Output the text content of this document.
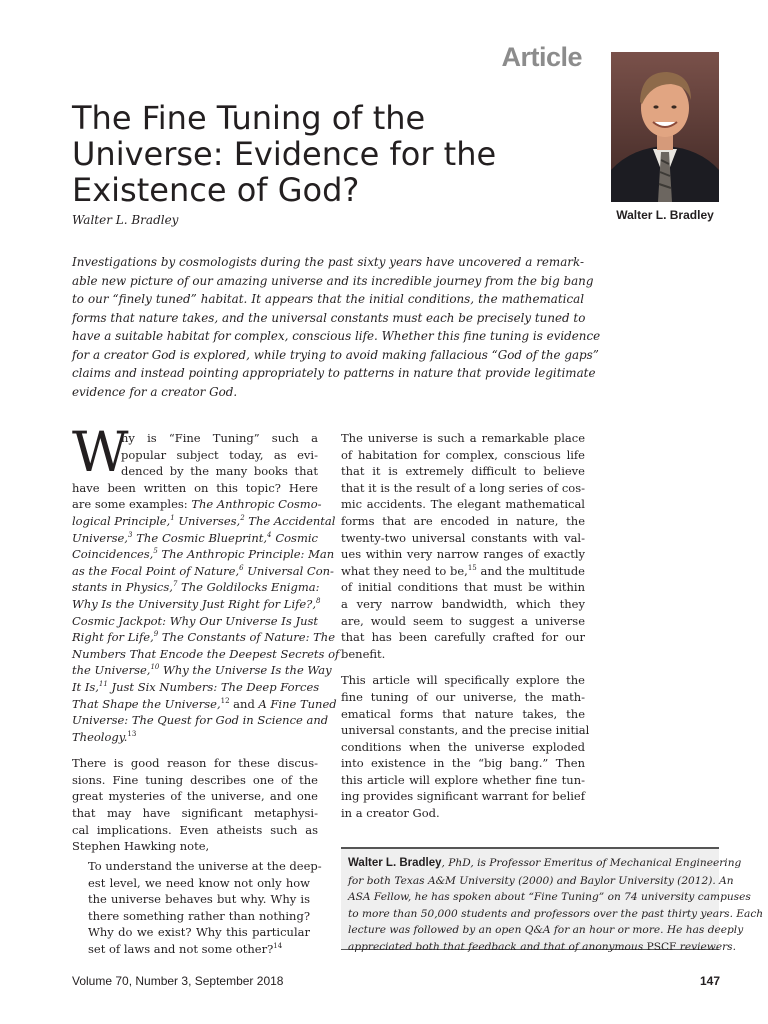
Article
The Fine Tuning of the
Universe: Evidence for the
Existence of God?
Walter L. Bradley	Walter L. Bradley
Investigations by cosmologists during the past sixty years have uncovered a remark-
able new picture of our amazing universe and its incredible journey from the big bang
to our “finely tuned” habitat. It appears that the initial conditions, the mathematical
forms that nature takes, and the universal constants must each be precisely tuned to
have a suitable habitat for complex, conscious life. Whether this fine tuning is evidence
for a creator God is explored, while trying to avoid making fallacious “God of the gaps”
claims and instead pointing appropriately to patterns in nature that provide legitimate
evidence for a creator God.
W

hy is “Fine Tuning” such a
popular subject today, as evi-
denced by the many books that
have been written on this topic? Here
are some examples: The Anthropic Cosmo-
logical Principle,$^1$ Universes,$^2$ The Accidental
Universe,$^3$ The Cosmic Blueprint,$^4$ Cosmic
Coincidences,$^5$ The Anthropic Principle: Man
as the Focal Point of Nature,$^6$ Universal Con-
stants in Physics,$^7$ The Goldilocks Enigma:
Why Is the University Just Right for Life?,$^8$
Cosmic Jackpot: Why Our Universe Is Just
Right for Life,$^9$ The Constants of Nature: The
Numbers That Encode the Deepest Secrets of
the Universe,$^{10}$ Why the Universe Is the Way
It Is,$^{11}$ Just Six Numbers: The Deep Forces
That Shape the Universe,$^{12}$ and A Fine Tuned
Universe: The Quest for God in Science and
Theology.$^{13}$

There is good reason for these discus-
sions. Fine tuning describes one of the
great mysteries of the universe, and one
that may have significant metaphysi-
cal implications. Even atheists such as
Stephen Hawking note,

To understand the universe at the deep-
est level, we need know not only how
the universe behaves but why. Why is
there something rather than nothing?
Why do we exist? Why this particular
set of laws and not some other?$^{14}$

The universe is such a remarkable place
of habitation for complex, conscious life
that it is extremely difficult to believe
that it is the result of a long series of cos-
mic accidents. The elegant mathematical
forms that are encoded in nature, the
twenty-two universal constants with val-
ues within very narrow ranges of exactly
what they need to be,$^{15}$ and the multitude
of initial conditions that must be within
a very narrow bandwidth, which they
are, would seem to suggest a universe
that has been carefully crafted for our
benefit.

This article will specifically explore the
fine tuning of our universe, the math-
ematical forms that nature takes, the
universal constants, and the precise initial
conditions when the universe exploded
into existence in the “big bang.” Then
this article will explore whether fine tun-
ing provides significant warrant for belief
in a creator God.

Walter L. Bradley, PhD, is Professor Emeritus of Mechanical Engineering
for both Texas A&M University (2000) and Baylor University (2012). An
ASA Fellow, he has spoken about “Fine Tuning” on 74 university campuses
to more than 50,000 students and professors over the past thirty years. Each
lecture was followed by an open Q&A for an hour or more. He has deeply
appreciated both that feedback and that of anonymous PSCF reviewers.
Volume 70, Number 3, September 2018	147
